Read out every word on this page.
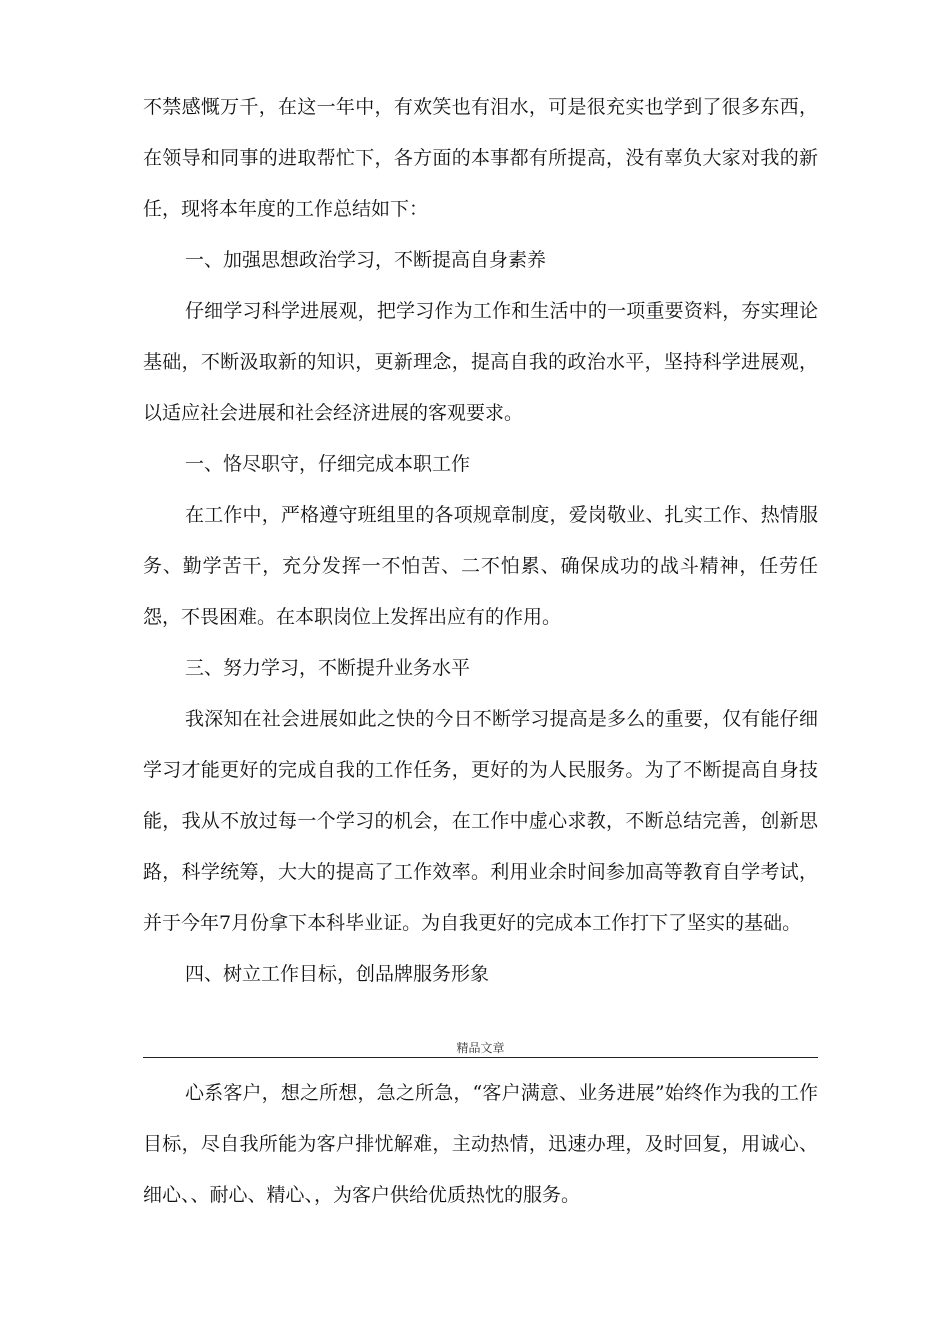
不禁感慨万千，在这一年中，有欢笑也有泪水，可是很充实也学到了很多东西，在领导和同事的进取帮忙下，各方面的本事都有所提高，没有辜负大家对我的新任，现将本年度的工作总结如下：

一、加强思想政治学习，不断提高自身素养

仔细学习科学进展观，把学习作为工作和生活中的一项重要资料，夯实理论基础，不断汲取新的知识，更新理念，提高自我的政治水平，坚持科学进展观，以适应社会进展和社会经济进展的客观要求。

一、恪尽职守，仔细完成本职工作

在工作中，严格遵守班组里的各项规章制度，爱岗敬业、扎实工作、热情服务、勤学苦干，充分发挥一不怕苦、二不怕累、确保成功的战斗精神，任劳任怨，不畏困难。在本职岗位上发挥出应有的作用。

三、努力学习，不断提升业务水平

我深知在社会进展如此之快的今日不断学习提高是多么的重要，仅有能仔细学习才能更好的完成自我的工作任务，更好的为人民服务。为了不断提高自身技能，我从不放过每一个学习的机会，在工作中虚心求教，不断总结完善，创新思路，科学统筹，大大的提高了工作效率。利用业余时间参加高等教育自学考试，并于今年7月份拿下本科毕业证。为自我更好的完成本工作打下了坚实的基础。

四、树立工作目标，创品牌服务形象

精品文章

心系客户，想之所想，急之所急，“客户满意、业务进展”始终作为我的工作目标，尽自我所能为客户排忧解难，主动热情，迅速办理，及时回复，用诚心、细心、、耐心、精心、，为客户供给优质热忱的服务。
